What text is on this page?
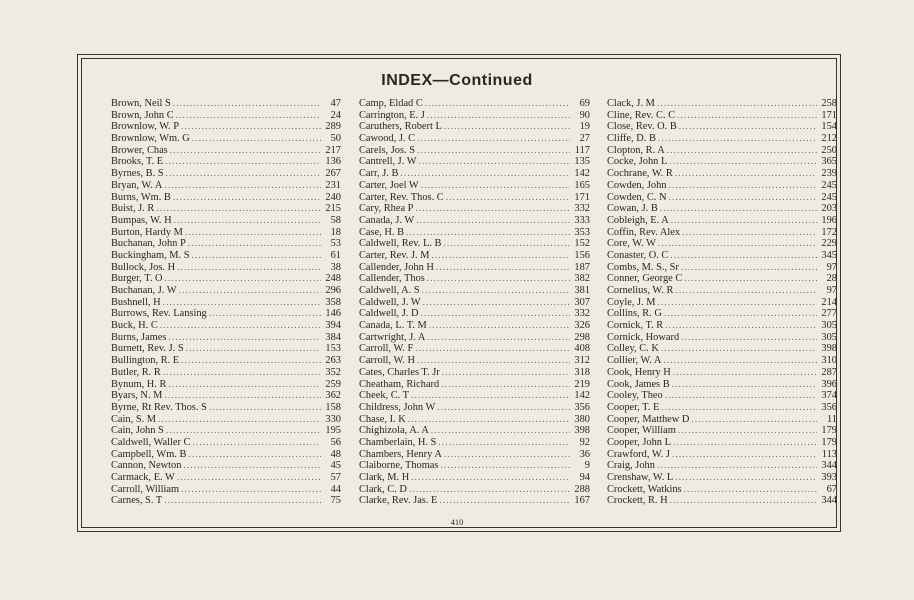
INDEX—Continued
Brown, Neil S .....	47
Brown, John C .....	24
Brownlow, W. P .....	289
Brownlow, Wm. G .....	50
Brower, Chas .....	217
Brooks, T. E .....	136
Byrnes, B. S .....	267
Bryan, W. A .....	231
Burns, Wm. B .....	240
Buist, J. R .....	215
Bumpas, W. H .....	58
Burton, Hardy M .....	18
Buchanan, John P .....	53
Buckingham, M. S .....	61
Bullock, Jos. H .....	38
Burger, T. O .....	248
Buchanan, J. W .....	296
Bushnell, H .....	358
Burrows, Rev. Lansing .....	146
Buck, H. C .....	394
Burns, James .....	384
Burnett, Rev. J. S .....	153
Bullington, R. E .....	263
Butler, R. R .....	352
Bynum, H. R .....	259
Byars, N. M .....	362
Byrne, Rt Rev. Thos. S .....	158
Cain, S. M .....	330
Cain, John S .....	195
Caldwell, Waller C .....	56
Campbell, Wm. B .....	48
Cannon, Newton .....	45
Carmack, E. W .....	57
Carroll, William .....	44
Carnes, S. T .....	75
Camp, Eldad C .....	69
Carrington, E. J .....	90
Caruthers, Robert L .....	19
Cawood, J. C .....	27
Carels, Jos. S .....	117
Cantrell, J. W .....	135
Carr, J. B .....	142
Carter, Joel W .....	165
Carter, Rev. Thos. C .....	171
Cary, Rhea P .....	332
Canada, J. W .....	333
Case, H. B .....	353
Caldwell, Rev. L. B .....	152
Carter, Rev. J. M .....	156
Callender, John H .....	187
Callender, Thos .....	382
Caldwell, A. S .....	381
Caldwell, J. W .....	307
Caldwell, J. D .....	332
Canada, L. T. M .....	326
Cartwright, J. A .....	298
Carroll, W. F .....	408
Carroll, W. H .....	312
Cates, Charles T. Jr .....	318
Cheatham, Richard .....	219
Cheek, C. T .....	142
Childress, John W .....	356
Chase, I. K .....	380
Chighizola, A. A .....	398
Chamberlain, H. S .....	92
Chambers, Henry A .....	36
Claiborne, Thomas .....	9
Clark, M. H .....	94
Clark, C. D .....	288
Clarke, Rev. Jas. E .....	167
Clack, J. M .....	258
Cline, Rev. C. C .....	171
Close, Rev. O. B .....	154
Cliffe, D. B .....	212
Clopton, R. A .....	250
Cocke, John L .....	365
Cochrane, W. R .....	239
Cowden, John .....	245
Cowden, C. N .....	245
Cowan, J. B .....	203
Cobleigh, E. A .....	196
Coffin, Rev. Alex .....	172
Core, W. W .....	229
Conaster, O. C .....	345
Combs, M. S., Sr .....	97
Conner, George C .....	28
Cornelius, W. R .....	97
Coyle, J. M .....	214
Collins, R. G .....	277
Cornick, T. R .....	305
Cornick, Howard .....	305
Colley, C. K .....	398
Collier, W. A .....	310
Cook, Henry H .....	287
Cook, James B .....	396
Cooley, Theo .....	374
Cooper, T. E .....	356
Cooper, Matthew D .....	11
Cooper, William .....	179
Cooper, John L .....	179
Crawford, W. J .....	113
Craig, John .....	344
Crenshaw, W. L .....	393
Crockett, Watkins .....	67
Crockett, R. H .....	344
410
